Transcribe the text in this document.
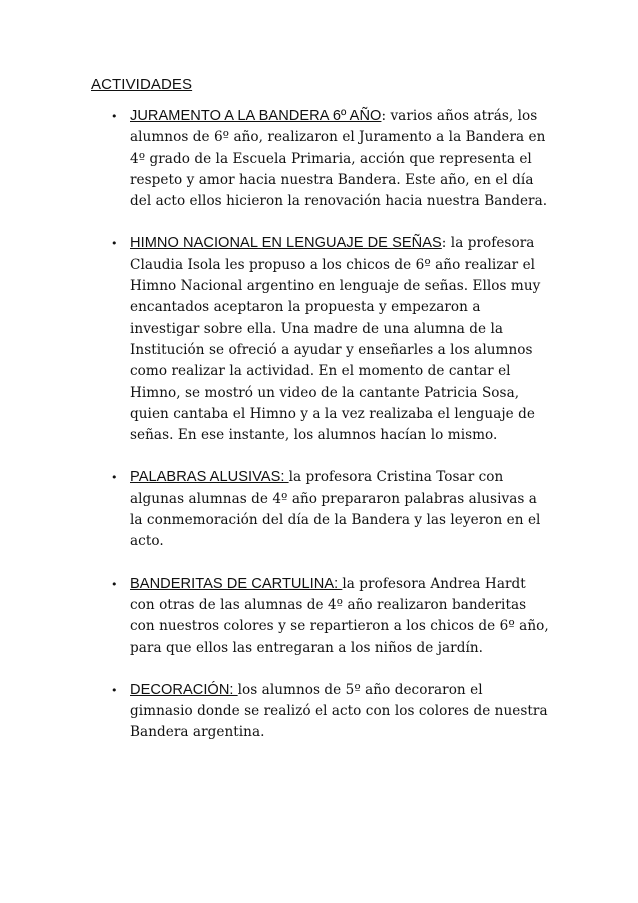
ACTIVIDADES
• JURAMENTO A LA BANDERA 6º AÑO: varios años atrás, los alumnos de 6º año, realizaron el Juramento a la Bandera en 4º grado de la Escuela Primaria, acción que representa el respeto y amor hacia nuestra Bandera. Este año, en el día del acto ellos hicieron la renovación hacia nuestra Bandera.
• HIMNO NACIONAL EN LENGUAJE DE SEÑAS: la profesora Claudia Isola les propuso a los chicos de 6º año realizar el Himno Nacional argentino en lenguaje de señas. Ellos muy encantados aceptaron la propuesta y empezaron a investigar sobre ella. Una madre de una alumna de la Institución se ofreció a ayudar y enseñarles a los alumnos como realizar la actividad. En el momento de cantar el Himno, se mostró un video de la cantante Patricia Sosa, quien cantaba el Himno y a la vez realizaba el lenguaje de señas. En ese instante, los alumnos hacían lo mismo.
• PALABRAS ALUSIVAS: la profesora Cristina Tosar con algunas alumnas de 4º año prepararon palabras alusivas a la conmemoración del día de la Bandera y las leyeron en el acto.
• BANDERITAS DE CARTULINA: la profesora Andrea Hardt con otras de las alumnas de 4º año realizaron banderitas con nuestros colores y se repartieron a los chicos de 6º año, para que ellos las entregaran a los niños de jardín.
• DECORACIÓN: los alumnos de 5º año decoraron el gimnasio donde se realizó el acto con los colores de nuestra Bandera argentina.
